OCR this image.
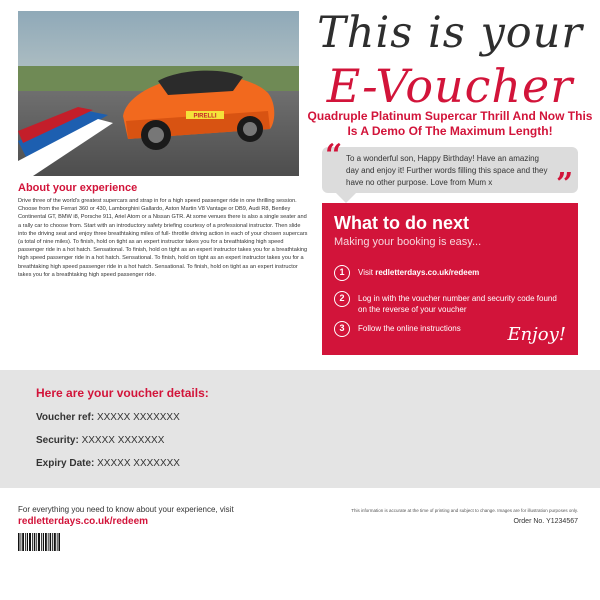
PIRELLI
This is your
E-Voucher
Quadruple Platinum Supercar Thrill And Now This Is A Demo Of The Maximum Length!
“ To a wonderful son, Happy Birthday! Have an amazing day and enjoy it! Further words filling this space and they have no other purpose. Love from Mum x	”
About your experience
Drive three of the world's greatest supercars and strap in for a high speed passenger ride in one thrilling session. Choose from the Ferrari 360 or 430, Lamborghini Gallardo, Aston Martin V8 Vantage or DB9, Audi R8, Bentley Continental GT, BMW i8, Porsche 911, Ariel Atom or a Nissan GTR. At some venues there is also a single seater and a rally car to choose from. Start with an introductory safety briefing courtesy of a professional instructor. Then slide into the driving seat and enjoy three breathtaking miles of full- throttle driving action in each of your chosen supercars (a total of nine miles). To finish, hold on tight as an expert instructor takes you for a breathtaking high speed passenger ride in a hot hatch. Sensational. To finish, hold on tight as an expert instructor takes you for a breathtaking high speed passenger ride in a hot hatch. Sensational. To finish, hold on tight as an expert instructor takes you for a breathtaking high speed passenger ride in a hot hatch. Sensational. To finish, hold on tight as an expert instructor takes you for a breathtaking high speed passenger ride.
What to do next
Making your booking is easy...
1	Visit redletterdays.co.uk/redeem
2	Log in with the voucher number and security code found on the reverse of your voucher
3	Follow the online instructions	Enjoy!
Here are your voucher details:
Voucher ref: XXXXX XXXXXXX
Security: XXXXX XXXXXXX
Expiry Date: XXXXX XXXXXXX
For everything you need to know about your experience, visit
redletterdays.co.uk/redeem
This information is accurate at the time of printing and subject to change. Images are for illustration purposes only.
Order No. Y1234567
